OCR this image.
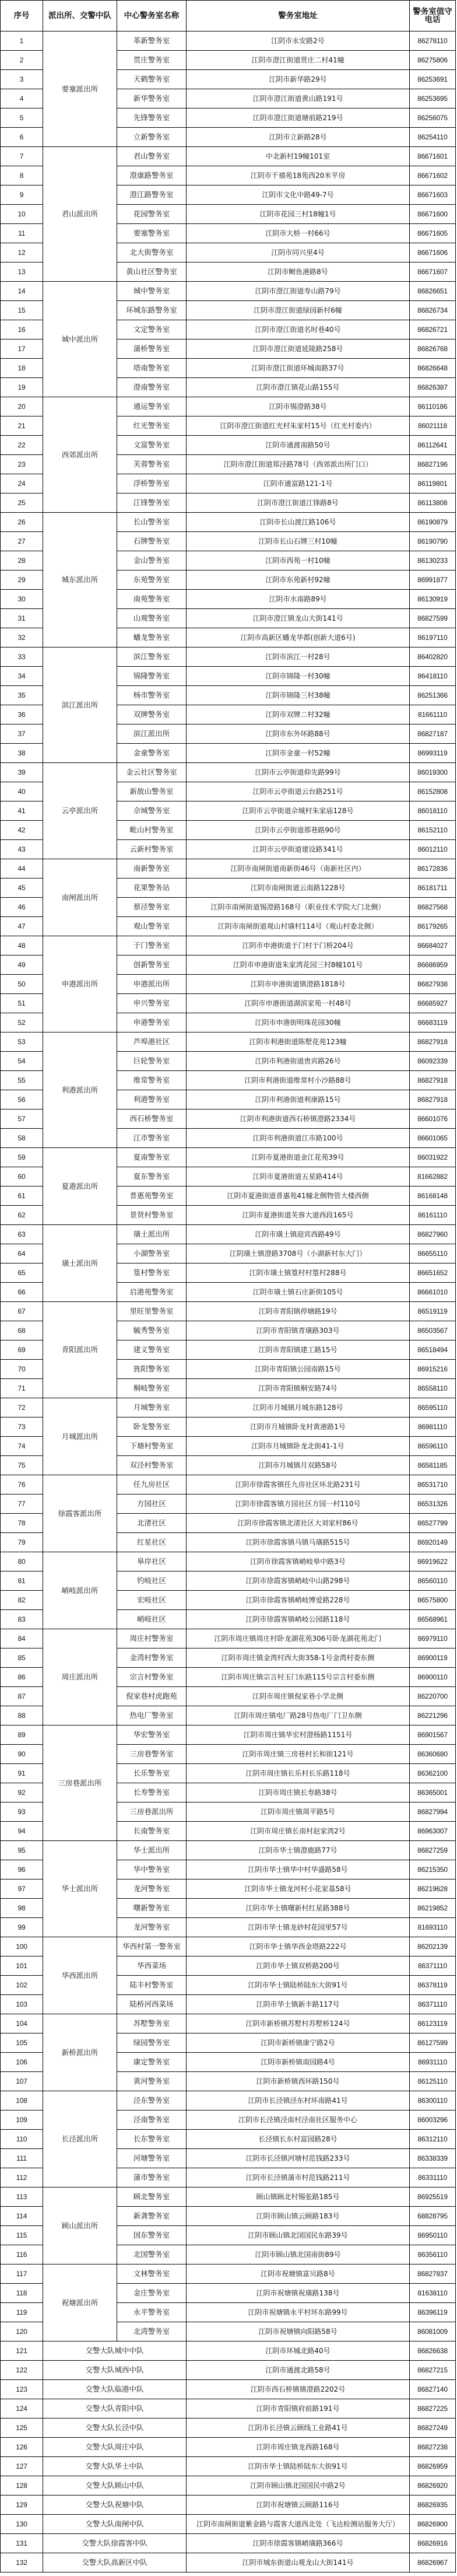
序号	派出所、交警中队	中心警务室名称	警务室地址	警务室值守电话
1	要塞派出所	革新警务室	江阴市永安路2号	86278110
2		贯庄警务室	江阴市澄江街道贯庄二村41幢	86275806
3		天鹤警务室	江阴市新华路29号	86253691
4		新华警务室	江阴市澄江街道黄山路191号	86253695
5		先锋警务室	江阴市澄江街道塘前路219号	86256075
6		立新警务室	江阴市立新路28号	86254110
7	君山派出所	君山警务室	中北新村19幢101室	86671601
8		澄康路警务室	江阴市千禧苑18苑西20米平房	86671602
9		澄江路警务室	江阴市文化中路49-7号	86671603
10		花园警务室	江阴市花园三村18幢1号	86671600
11		要塞警务室	江阴市大桥一村66号	86671605
12		北大街警务室	江阴市同兴里4号	86671606
13		黄山社区警务室	江阴市鲥鱼港路8号	86671607
14	城中派出所	城中警务室	江阴市澄江街道寿山路79号	86826651
15		环城东路警务室	江阴市澄江街道绿园新村6幢	86826734
16		文定警务室	江阴市澄江街道名时巷40号	86826721
17		蒲桥警务室	江阴市澄江街道延陵路258号	86826768
18		塔南警务室	江阴市澄江街道环城南路37号	86826648
19		澄南警务室	江阴市澄江镇花山路155号	86826387
20	西郊派出所	通运警务室	江阴市锡澄路38号	86110186
21		红光警务室	江阴市澄江街道红光村朱家村15号（红光村委内）	86021118
22		文富警务室	江阴市通渡南路50号	86112641
23		芙蓉警务室	江阴市澄江街道郑泾路78号（西郊派出所门口）	86827196
24		浮桥警务室	江阴市通富路121-1号	86119801
25		江锋警务室	江阴市澄江街道江锋路8号	86113808
26	城东派出所	长山警务室	江阴市长山渡江路106号	86190879
27		石牌警务室	江阴市长山石牌三村10幢	86190790
28		金山警务室	江阴市西苑一村10幢	86130233
29		东苑警务室	江阴市东苑新村92幢	86991877
30		南苑警务室	江阴市水南路89号	86130919
31		山观警务室	江阴市澄江镇龙山大街141号	86827599
32		蟠龙警务室	江阴市高新区蟠龙华都(创新大道6号)	86197110
33	滨江派出所	滨江警务室	江阴市滨江一村28号	86402820
34		锦隆警务室	江阴市锦隆一村30幢	86418110
35		杨市警务室	江阴市锦隆三村38幢	86251366
36		双牌警务室	江阴市双牌二村32幢	81661110
37		滨江派出所	江阴市东外环路88号	86827187
38		金童警务室	江阴市金童一村52幢	86993119
39	云亭派出所	金云社区警务室	江阴市云亭街道仰先路99号	86019300
40		新敔山警务室	江阴市云亭街道云台路251号	86152808
41		佘城警务室	江阴市云亭街道佘城村朱家庙128号	86018110
42		毗山村警务室	江阴市云亭街道那巷路90号	86152110
43		云新村警务室	江阴市云亭街道建设路341号	86012110
44	南闸派出所	南新警务室	江阴市南闸街道南新街46号（南新社区内）	86172836
45		花果警务站	江阴市南闸街道云南路1228号	86181711
46		蔡泾警务室	江阴市南闸街道锡澄路168号（职业技术学院大门北侧）	86827568
47		观山警务室	江阴市南闸街道观山村璜村114号（观山村委北侧）	86179265
48	申港派出所	于门警务室	江阴市申港街道于门村于门桥204号	86684027
49		创新警务室	江阴市申港街道朱家湾花园三村8幢101号	86686959
50		申港派出所	江阴市申港街道镇澄路1818号	86827938
51		申兴警务室	江阴市申港街道湖滨家苑一村48号	86685927
52		申港警务室	江阴市申港街明珠花园30幢	86683119
53	利港派出所	芦埠港社区	江阴市利港街道陈墅花苑123幢	86827918
54		巨轮警务室	江阴市利港街道贵宾路26号	86092339
55		维常警务室	江阴市利港街道维常村小沙路88号	86827918
56		利港警务室	江阴市利港街道利康路15号	86827918
57		西石桥警务室	江阴市利港街道西石桥镇澄路2334号	86601076
58		江市警务室	江阴市利港街道江市路100号	86601065
59	夏港派出所	夏南警务室	江阴市夏港街道金江花苑39号	86031922
60		夏东警务室	江阴市夏港街道五星路414号	81662882
61		普惠苑警务室	江阴市夏港街道普惠苑41幢北侧物管大楼西侧	86168148
62		景贤村警务室	江阴市夏港街道芙蓉大道西段165号	86161110
63	璜土派出所	璜土派出所	江阴市璜土镇迎宾西路49号	86827960
64		小湖警务室	江阴璜土镇澄路3708号（小湖新村东大门）	86655110
65		篁村警务室	江阴市璜土镇篁村村篁村288号	86651652
66		启港苑警务室	江阴市璜土镇石庄新街105号	86661010
67	青阳派出所	里旺里警务室	江阴市青阳镇停塘路19号	86519119
68		毓秀警务室	江阴市青阳镇青璜路303号	86503567
69		建义警务室	江阴市青阳镇建工路15号	86518494
70		旌阳警务室	江阴市青阳镇公园南路15号	86915216
71		桐岐警务室	江阴市青阳镇桐安路74号	86558110
72	月城派出所	月城警务室	江阴市月城镇月城东路128号	86595110
73		卧龙警务室	江阴市月城镇卧龙村黄港路1号	86981110
74		下塘村警务室	江阴市月城镇卧龙北街41-1号	86596110
75		双泾村警务室	江阴市月城镇月双路58号	86581185
76	徐霞客派出所	任九房社区	江阴市徐霞客镇任九房社区环北路231号	86531710
77		方园社区	江阴市徐霞客镇方园社区方园一村110号	86531326
78		北渚社区	江阴市徐霞客镇北渚社区大刘家村86号	86527799
79		红星社区	江阴市徐霞客镇马镇马璜路515号	86920149
80	峭岐派出所	皋岸社区	江阴市徐霞客镇峭岐皋中路3号	86919622
81		钓岐社区	江阴市徐霞客镇峭岐中山路298号	86560110
82		宏岐社区	江阴市徐霞客镇峭岐博爱路228号	86575800
83		峭岐社区	江阴市徐霞客镇峭岐公园路118号	86568961
84	周庄派出所	周庄村警务室	江阴市周庄镇周庄村卧龙湖花苑306号卧龙湖花苑北门	86979110
85		金湾村警务室	江阴市周庄镇金湾村西大街358-1号金湾村委东侧	86900119
86		宗言村警务室	江阴市周庄镇宗言村玉门东路115号宗言村委东侧	86900110
87		倪家巷村虎跑苑	江阴市周庄镇倪家巷小学北侧	86220700
88		热电厂警务室	江阴市周庄镇电厂路28号热电厂门卫东侧	86221296
89	三房巷派出所	华宏警务室	江阴市周庄镇华宏村澄杨路1151号	86901567
90		三房巷警务室	江阴市周庄镇三房巷村长和街121号	86360680
91		长乐警务室	江阴市周庄镇长乐村长乐路118号	86362100
92		长寿警务室	江阴市周庄镇长寿路38号	86365001
93		三房巷派出所	江阴市周庄镇周平路5号	86827994
94		长南警务室	江阴市周庄镇长南村赵家湾2号	86963007
95	华士派出所	华士派出所	江阴市华士镇澄鹿路77号	86827259
96		华中警务室	江阴市华士镇华中村华盛路58号	86215350
97		龙河警务室	江阴市华士镇龙河村小花家基58号	86219628
98		曙新警务室	江阴市华士镇曙新村红星路388号	86219852
99		龙河警务室	江阴市华士镇龙砂村花园里57号	81693110
100	华西派出所	华西村第一警务室	江阴市华士镇华西金塔路222号	86202139
101		华西菜场	江阴市华士镇双桥路200号	86371110
102		陆丰村警务室	江阴市华士镇陆桥陆东大街91号	86378119
103		陆桥河西菜场	江阴市华士镇新丰路117号	86371110
104	新桥派出所	苏墅警务室	江阴市新桥镇苏墅村苏墅桥124号	86123119
105		绿园警务室	江阴市新桥镇康宁路2号	86127599
106		康定警务室	江阴市新桥镇南园路4号	86931110
107		黄河警务室	江阴市新桥镇西环路150号	86125110
108	长泾派出所	泾东警务室	江阴市长泾镇泾东村环南路41号	86300110
109		泾南警务室	江阴市长泾镇泾南村泾南社区服务中心	86003296
110		长东警务室	长泾镇长东村富园路28号	86312110
111		河塘警务室	江阴市长泾镇河塘村范钱路233号	86338339
112		蒲市警务室	江阴市长泾镇蒲市村范钱路211号	86331110
113	顾山派出所	顾北警务室	顾山镇顾北村锡张路185号	86925519
114		新龚警务室	江阴市顾山镇云顾路183号	68828795
115		国东警务室	江阴市顾山镇北国国民东路39号	86950110
116		北国警务室	江阴市顾山镇北国南街89号	86356110
117	祝塘派出所	文林警务室	江阴市祝塘镇富贝路8号	86827837
118		金庄警务室	江阴市祝塘镇祝璜路138号	81638110
119		永平警务室	江阴市祝塘镇永平村环东路99号	86396119
120		北湾警务室	江阴市祝塘镇向阳路58号	86081009
121	交警大队城中中队		江阴市环城北路40号	86826638
122	交警大队城西中队		江阴市通渡北路58号	86827215
123	交警大队临港中队		江阴市西石桥镇镇澄路2202号	86827140
124	交警大队青阳中队		江阴市青阳镇府前路191号	86827225
125	交警大队长泾中队		江阴市长泾镇云顾线工业路41号	86827249
126	交警大队周庄中队		江阴市周庄镇龙西路168号	86827238
127	交警大队华士中队		江阴市华士镇陆桥陆东大街91号	86826959
128	交警大队顾山中队		江阴市顾山镇北国国民中路2号	86826920
129	交警大队祝塘中队		江阴市祝塘镇云顾路116号	86826935
130	交警大队南闸中队		江阴市南闸街道紫金路与霞客大道西北处（飞达检测站服务大厅）	86826900
131	交警大队徐霞客中队		江阴市徐霞客镇峭璜路366号	86826916
132	交警大队高新区中队		江阴市城东街道山观龙山大街141号	86826967
